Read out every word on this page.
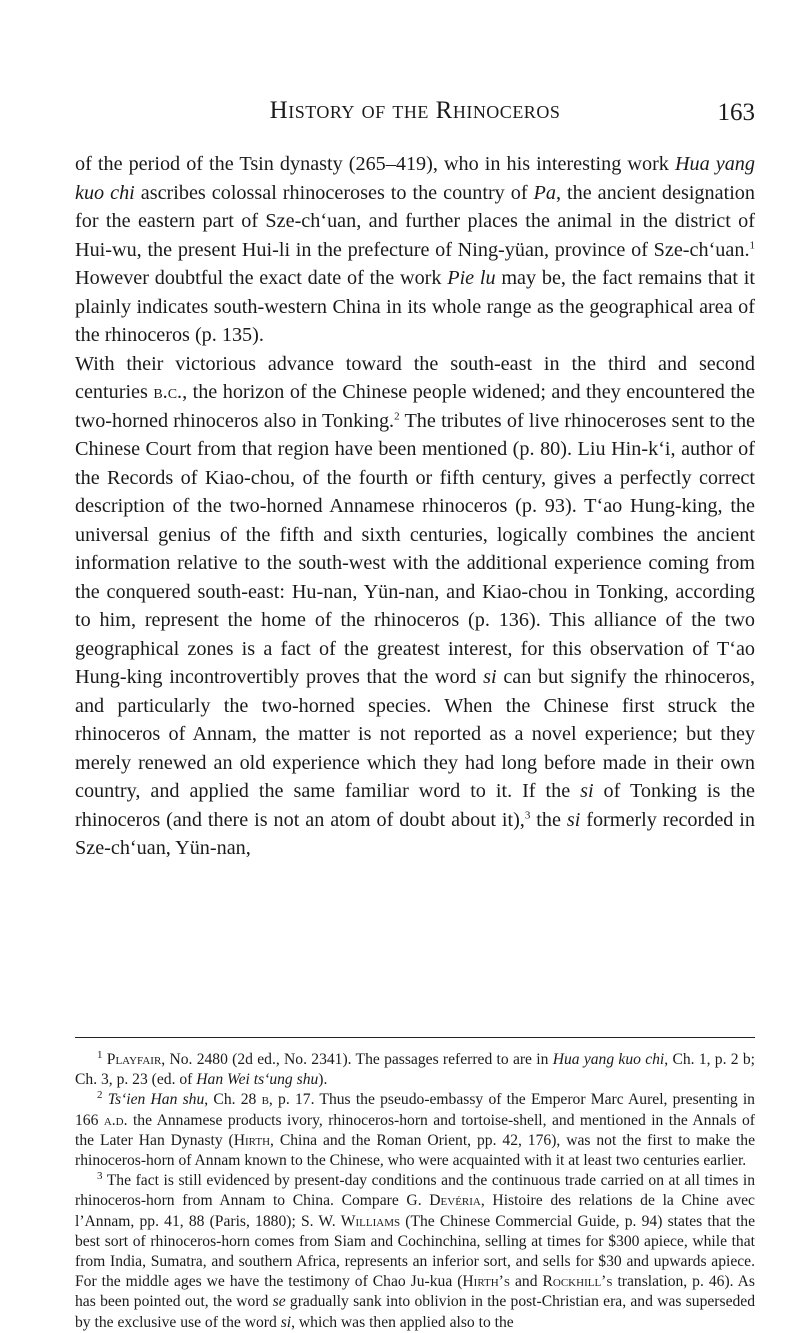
History of the Rhinoceros	163

of the period of the Tsin dynasty (265–419), who in his interesting work Hua yang kuo chi ascribes colossal rhinoceroses to the country of Pa, the ancient designation for the eastern part of Sze-ch‘uan, and further places the animal in the district of Hui-wu, the present Hui-li in the prefecture of Ning-yüan, province of Sze-ch‘uan.$^1$ However doubtful the exact date of the work Pie lu may be, the fact remains that it plainly indicates south-western China in its whole range as the geographical area of the rhinoceros (p. 135).

With their victorious advance toward the south-east in the third and second centuries b.c., the horizon of the Chinese people widened; and they encountered the two-horned rhinoceros also in Tonking.$^2$ The tributes of live rhinoceroses sent to the Chinese Court from that region have been mentioned (p. 80). Liu Hin-k‘i, author of the Records of Kiao-chou, of the fourth or fifth century, gives a perfectly correct description of the two-horned Annamese rhinoceros (p. 93). T‘ao Hung-king, the universal genius of the fifth and sixth centuries, logically combines the ancient information relative to the south-west with the additional experience coming from the conquered south-east: Hu-nan, Yün-nan, and Kiao-chou in Tonking, according to him, represent the home of the rhinoceros (p. 136). This alliance of the two geographical zones is a fact of the greatest interest, for this observation of T‘ao Hung-king incontrovertibly proves that the word si can but signify the rhinoceros, and particularly the two-horned species. When the Chinese first struck the rhinoceros of Annam, the matter is not reported as a novel experience; but they merely renewed an old experience which they had long before made in their own country, and applied the same familiar word to it. If the si of Tonking is the rhinoceros (and there is not an atom of doubt about it),$^3$ the si formerly recorded in Sze-ch‘uan, Yün-nan,

$^1$ Playfair, No. 2480 (2d ed., No. 2341). The passages referred to are in Hua yang kuo chi, Ch. 1, p. 2 b; Ch. 3, p. 23 (ed. of Han Wei ts‘ung shu).

$^2$ Ts‘ien Han shu, Ch. 28 b, p. 17. Thus the pseudo-embassy of the Emperor Marc Aurel, presenting in 166 a.d. the Annamese products ivory, rhinoceros-horn and tortoise-shell, and mentioned in the Annals of the Later Han Dynasty (Hirth, China and the Roman Orient, pp. 42, 176), was not the first to make the rhinoceros-horn of Annam known to the Chinese, who were acquainted with it at least two centuries earlier.

$^3$ The fact is still evidenced by present-day conditions and the continuous trade carried on at all times in rhinoceros-horn from Annam to China. Compare G. Devéria, Histoire des relations de la Chine avec l’Annam, pp. 41, 88 (Paris, 1880); S. W. Williams (The Chinese Commercial Guide, p. 94) states that the best sort of rhinoceros-horn comes from Siam and Cochinchina, selling at times for $300 apiece, while that from India, Sumatra, and southern Africa, represents an inferior sort, and sells for $30 and upwards apiece. For the middle ages we have the testimony of Chao Ju-kua (Hirth’s and Rockhill’s translation, p. 46). As has been pointed out, the word se gradually sank into oblivion in the post-Christian era, and was superseded by the exclusive use of the word si, which was then applied also to the
